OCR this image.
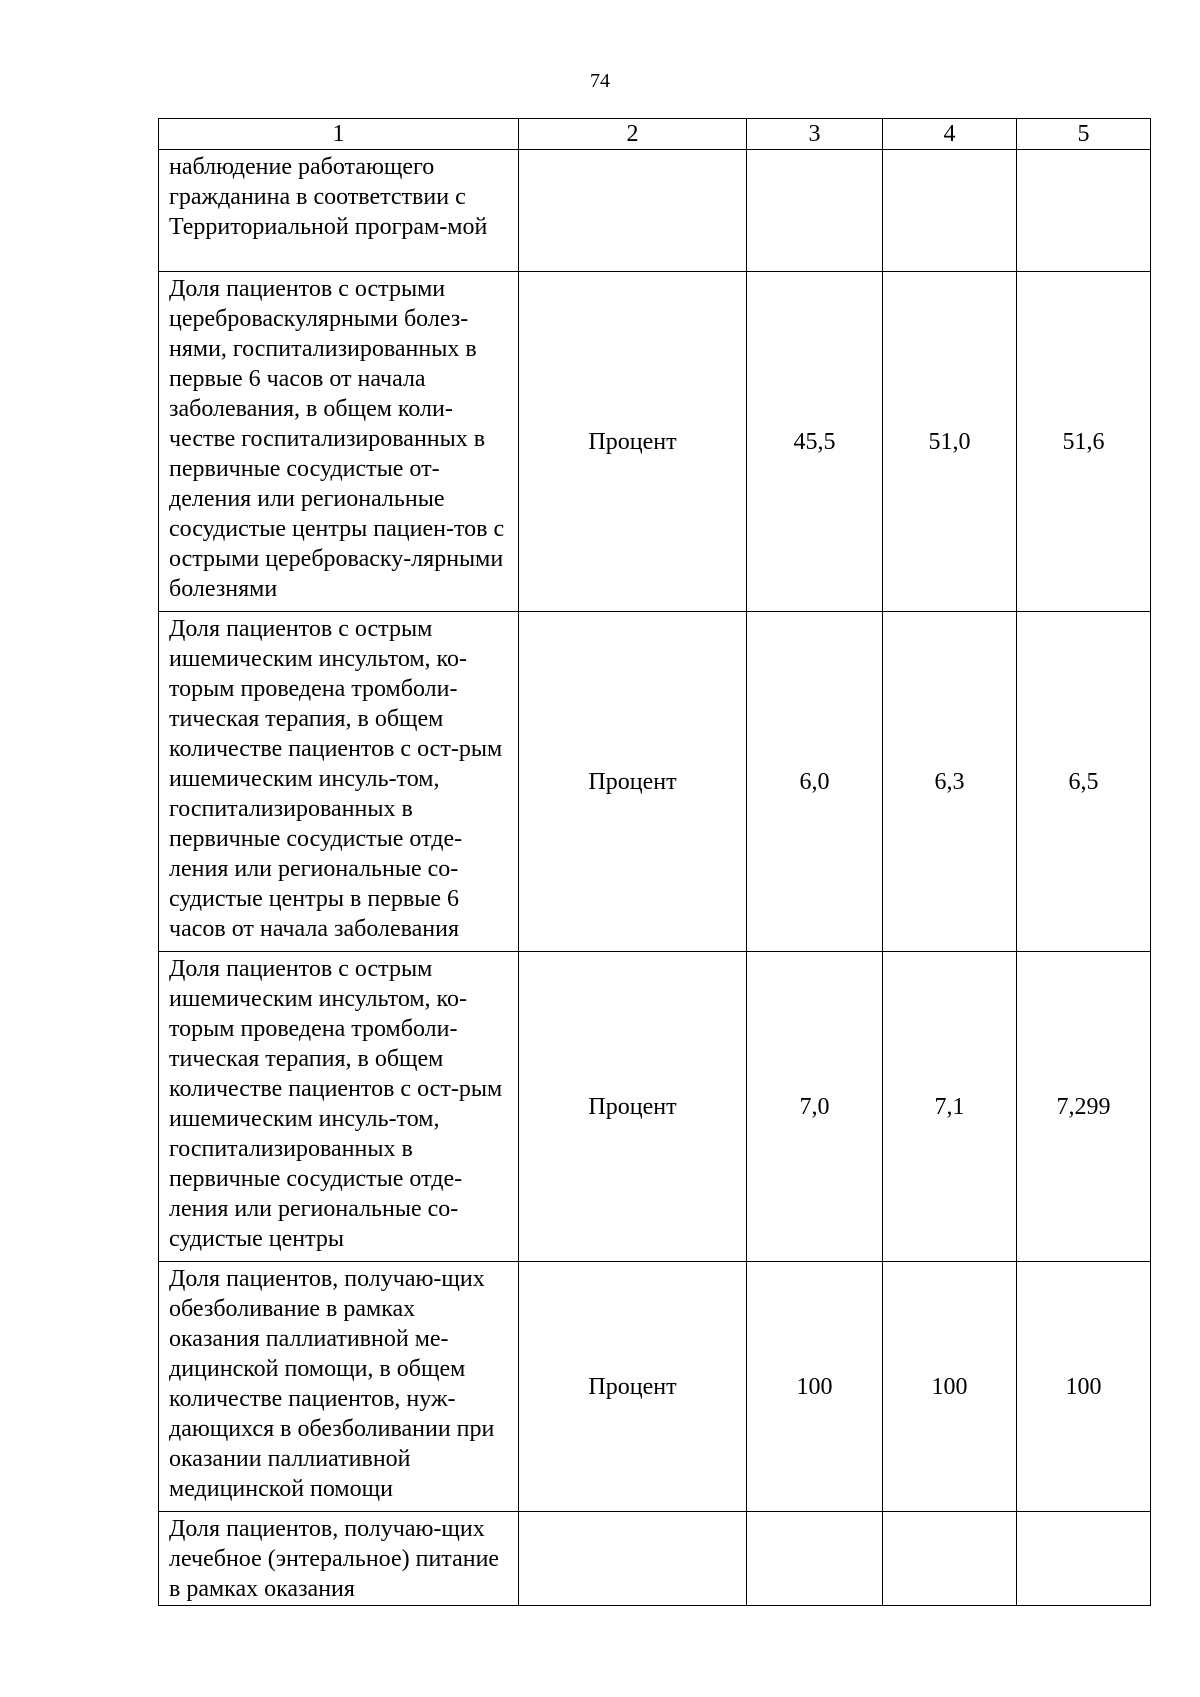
74
1	2	3	4	5
наблюдение работающего гражданина в соответствии с Территориальной програм-мой				
Доля пациентов с острыми цереброваскулярными болез-нями, госпитализированных в первые 6 часов от начала заболевания, в общем коли-честве госпитализированных в первичные сосудистые от-деления или региональные сосудистые центры пациен-тов с острыми цереброваску-лярными болезнями	Процент	45,5	51,0	51,6
Доля пациентов с острым ишемическим инсультом, ко-торым проведена тромболи-тическая терапия, в общем количестве пациентов с ост-рым ишемическим инсуль-том, госпитализированных в первичные сосудистые отде-ления или региональные со-судистые центры в первые 6 часов от начала заболевания	Процент	6,0	6,3	6,5
Доля пациентов с острым ишемическим инсультом, ко-торым проведена тромболи-тическая терапия, в общем количестве пациентов с ост-рым ишемическим инсуль-том, госпитализированных в первичные сосудистые отде-ления или региональные со-судистые центры	Процент	7,0	7,1	7,299
Доля пациентов, получаю-щих обезболивание в рамках оказания паллиативной ме-дицинской помощи, в общем количестве пациентов, нуж-дающихся в обезболивании при оказании паллиативной медицинской помощи	Процент	100	100	100
Доля пациентов, получаю-щих лечебное (энтеральное) питание в рамках оказания				
